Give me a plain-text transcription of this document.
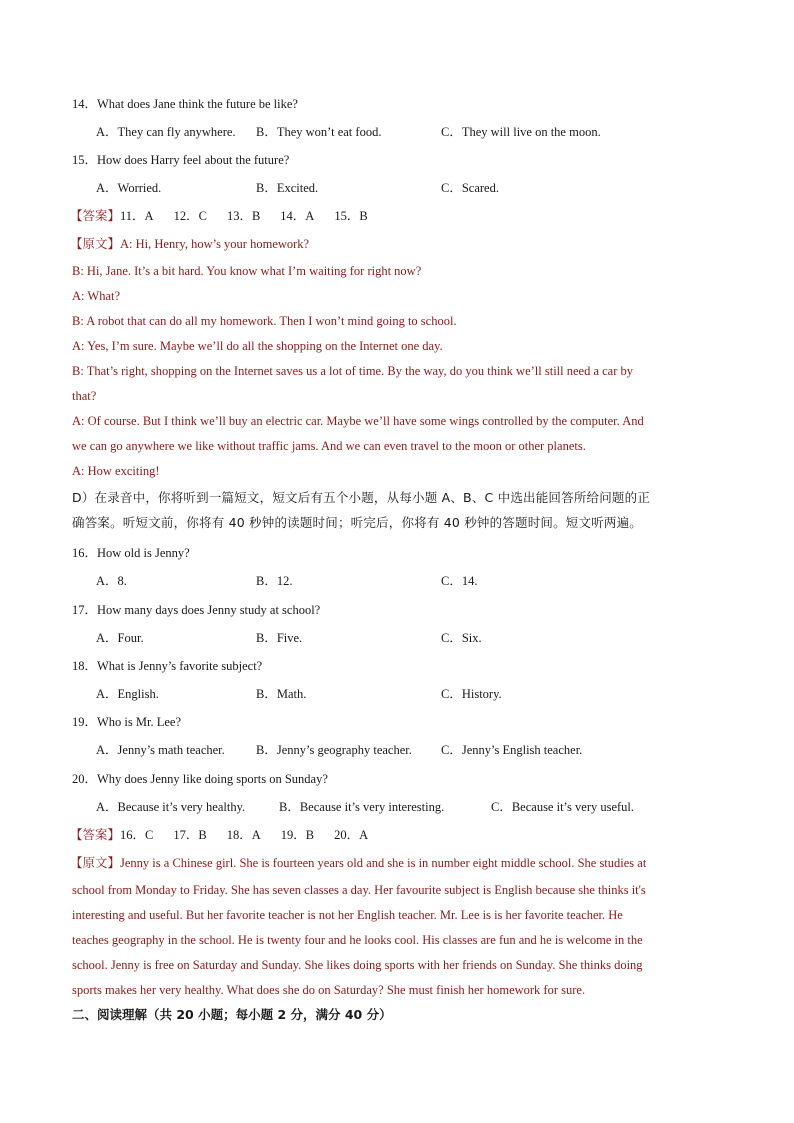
14．What does Jane think the future be like?
A．They can fly anywhere. B．They won’t eat food.	C．They will live on the moon.
15．How does Harry feel about the future?
A．Worried.	B．Excited.	C．Scared.
【答案】11．A 12．C 13．B 14．A 15．B
【原文】A: Hi, Henry, how’s your homework?
B: Hi, Jane. It’s a bit hard. You know what I’m waiting for right now?
A: What?
B: A robot that can do all my homework. Then I won’t mind going to school.
A: Yes, I’m sure. Maybe we’ll do all the shopping on the Internet one day.
B: That’s right, shopping on the Internet saves us a lot of time. By the way, do you think we’ll still need a car by
that?
A: Of course. But I think we’ll buy an electric car. Maybe we’ll have some wings controlled by the computer. And
we can go anywhere we like without traffic jams. And we can even travel to the moon or other planets.
A: How exciting!
D）在录音中，你将听到一篇短文，短文后有五个小题，从每小题 A、B、C 中选出能回答所给问题的正
确答案。听短文前，你将有 40 秒钟的读题时间；听完后，你将有 40 秒钟的答题时间。短文听两遍。
16．How old is Jenny?
A．8.	B．12.	C．14.
17．How many days does Jenny study at school?
A．Four.	B．Five.	C．Six.
18．What is Jenny’s favorite subject?
A．English.	B．Math.	C．History.
19．Who is Mr. Lee?
A．Jenny’s math teacher. B．Jenny’s geography teacher. C．Jenny’s English teacher.
20．Why does Jenny like doing sports on Sunday?
A．Because it’s very healthy.	B．Because it’s very interesting.	C．Because it’s very useful.
【答案】16．C 17．B 18．A 19．B 20．A
【原文】Jenny is a Chinese girl. She is fourteen years old and she is in number eight middle school. She studies at
school from Monday to Friday. She has seven classes a day. Her favourite subject is English because she thinks it's
interesting and useful. But her favorite teacher is not her English teacher. Mr. Lee is is her favorite teacher. He
teaches geography in the school. He is twenty four and he looks cool. His classes are fun and he is welcome in the
school. Jenny is free on Saturday and Sunday. She likes doing sports with her friends on Sunday. She thinks doing
sports makes her very healthy. What does she do on Saturday? She must finish her homework for sure.
二、阅读理解（共 20 小题；每小题 2 分，满分 40 分）
